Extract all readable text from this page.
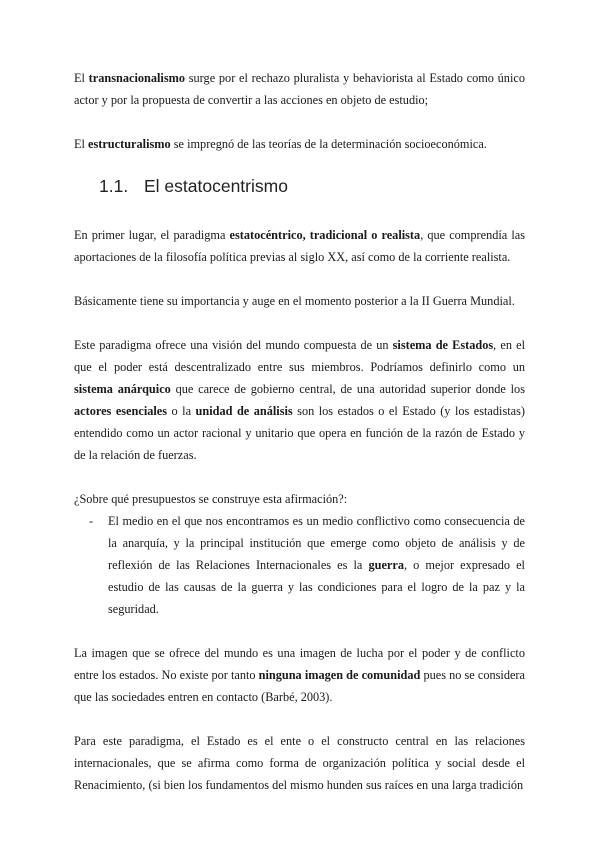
El transnacionalismo surge por el rechazo pluralista y behaviorista al Estado como único actor y por la propuesta de convertir a las acciones en objeto de estudio;

El estructuralismo se impregnó de las teorías de la determinación socioeconómica.

1.1. El estatocentrismo

En primer lugar, el paradigma estatocéntrico, tradicional o realista, que comprendía las aportaciones de la filosofía política previas al siglo XX, así como de la corriente realista.

Básicamente tiene su importancia y auge en el momento posterior a la II Guerra Mundial.

Este paradigma ofrece una visión del mundo compuesta de un sistema de Estados, en el que el poder está descentralizado entre sus miembros. Podríamos definirlo como un sistema anárquico que carece de gobierno central, de una autoridad superior donde los actores esenciales o la unidad de análisis son los estados o el Estado (y los estadistas) entendido como un actor racional y unitario que opera en función de la razón de Estado y de la relación de fuerzas.

¿Sobre qué presupuestos se construye esta afirmación?:

- El medio en el que nos encontramos es un medio conflictivo como consecuencia de la anarquía, y la principal institución que emerge como objeto de análisis y de reflexión de las Relaciones Internacionales es la guerra, o mejor expresado el estudio de las causas de la guerra y las condiciones para el logro de la paz y la seguridad.

La imagen que se ofrece del mundo es una imagen de lucha por el poder y de conflicto entre los estados. No existe por tanto ninguna imagen de comunidad pues no se considera que las sociedades entren en contacto (Barbé, 2003).

Para este paradigma, el Estado es el ente o el constructo central en las relaciones internacionales, que se afirma como forma de organización política y social desde el Renacimiento, (si bien los fundamentos del mismo hunden sus raíces en una larga tradición
